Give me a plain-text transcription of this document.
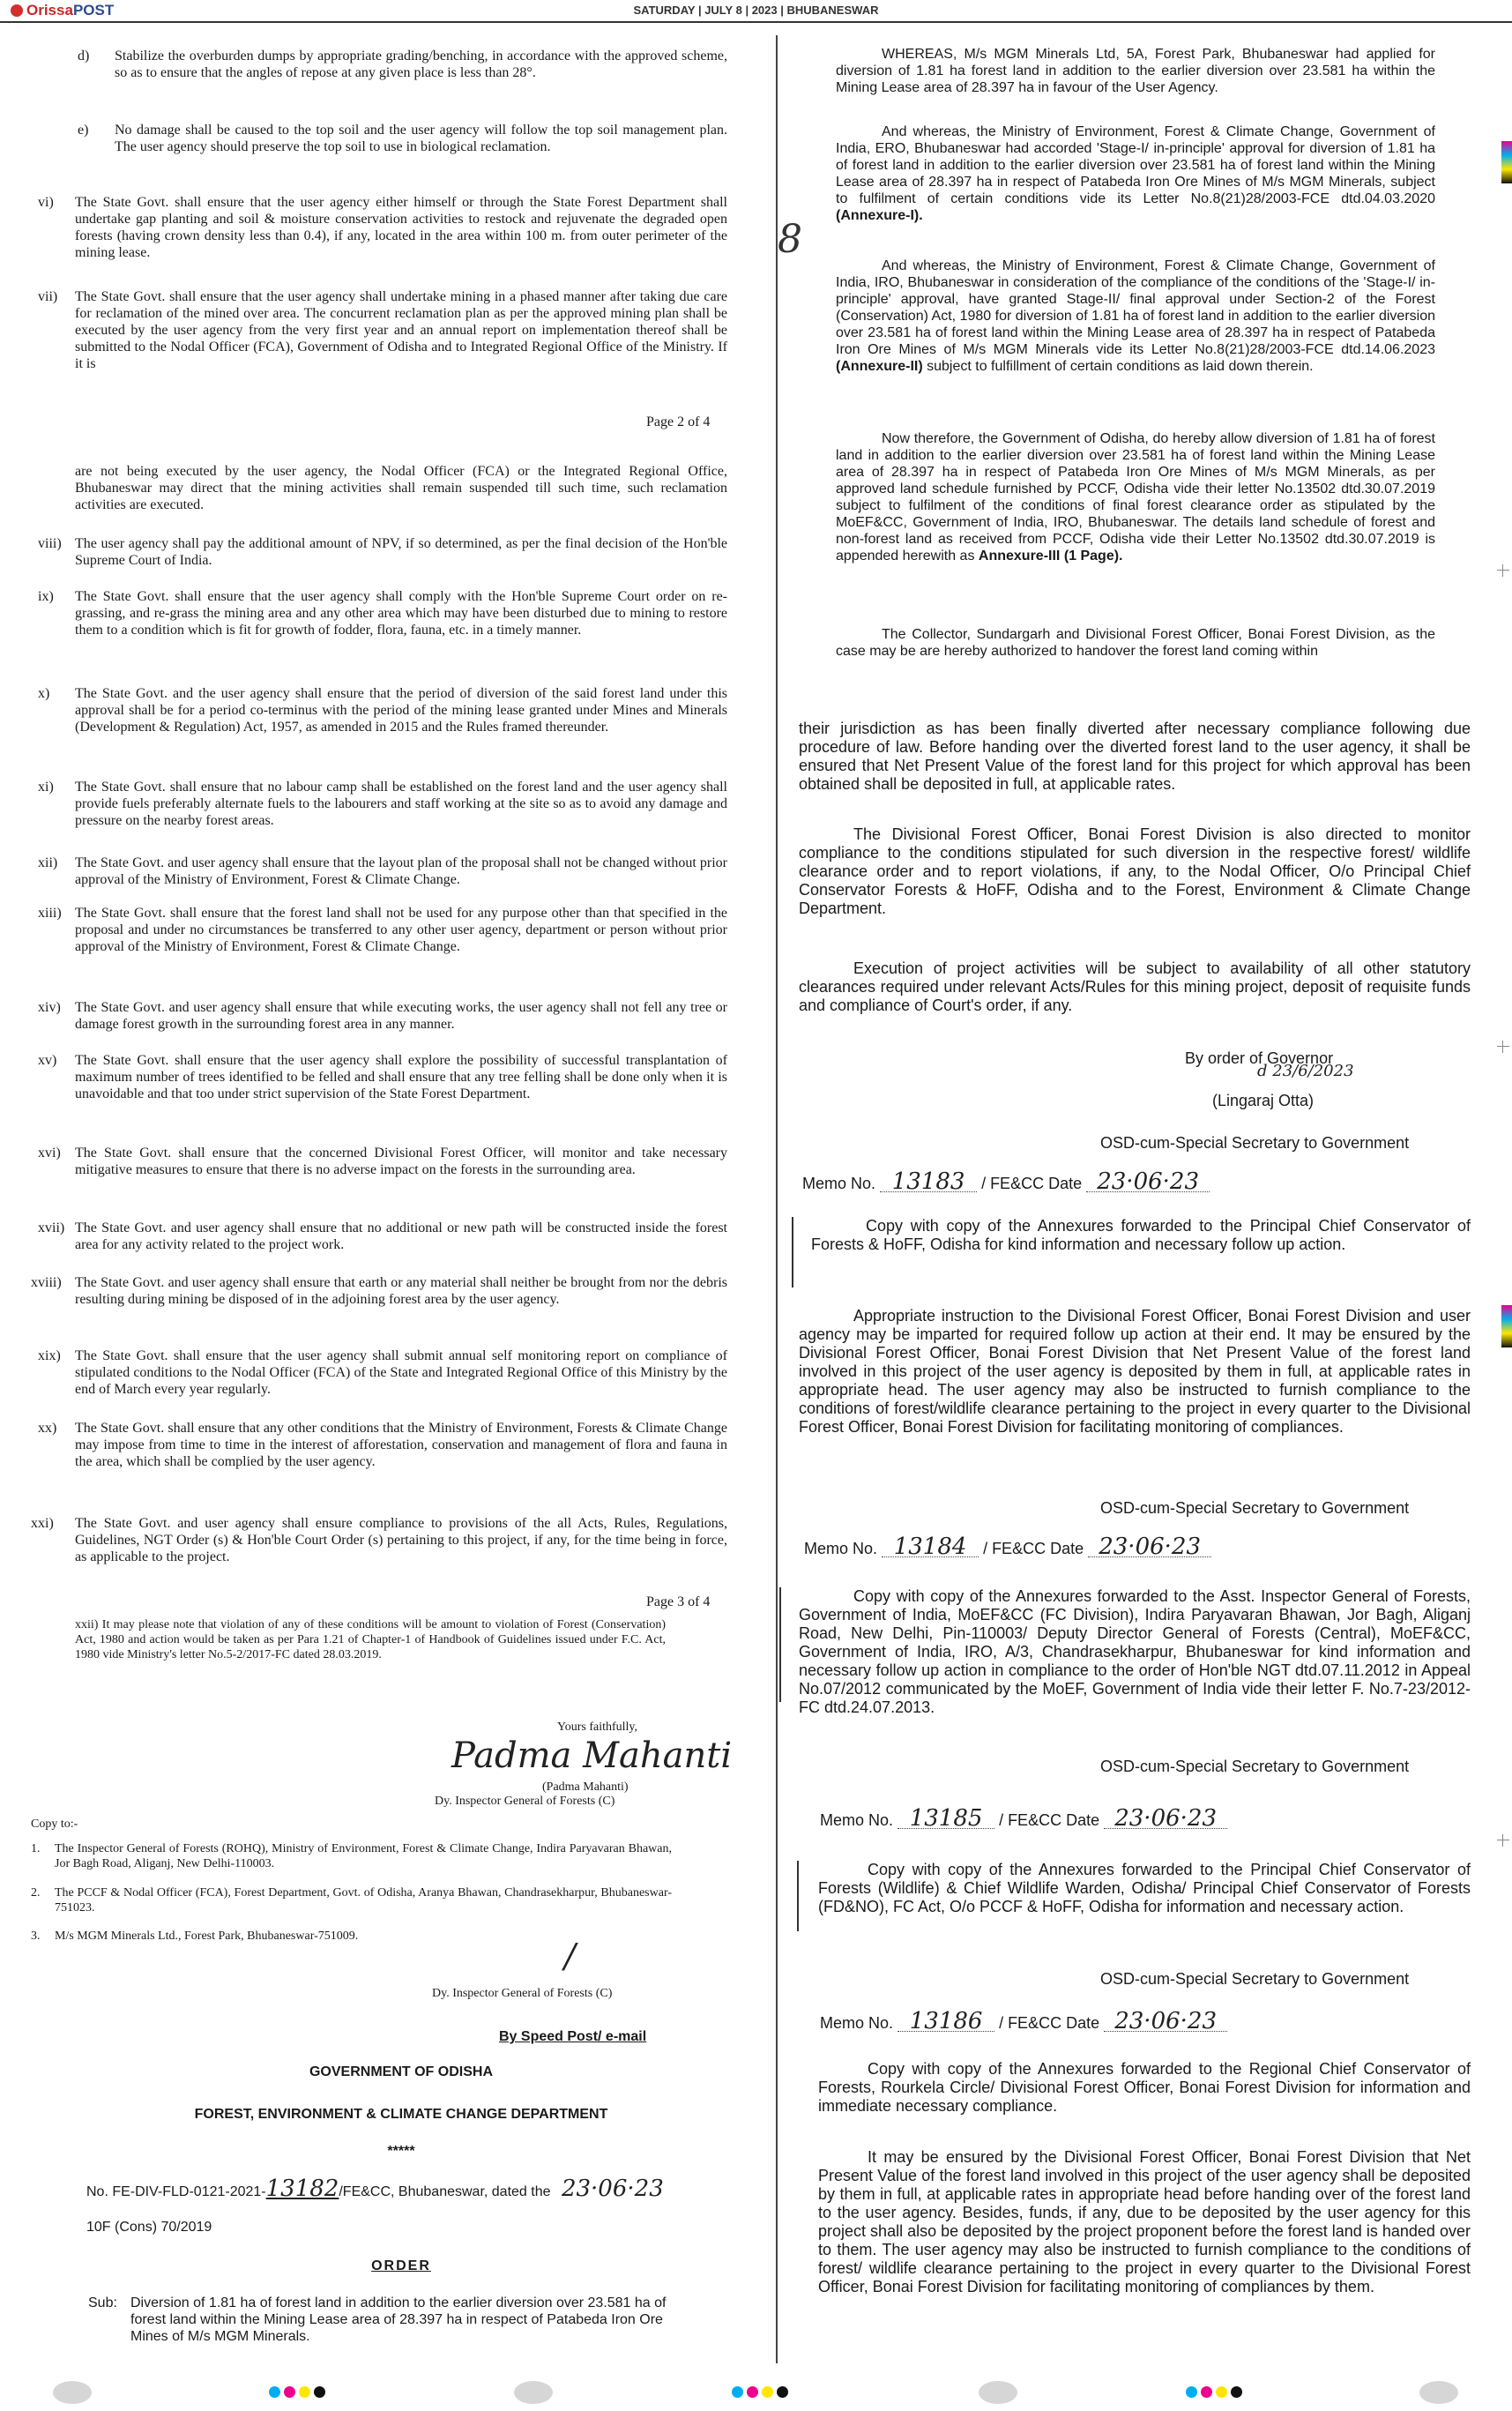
OrissaPOST	SATURDAY | JULY 8 | 2023 | BHUBANESWAR
d) Stabilize the overburden dumps by appropriate grading/benching, in accordance with the approved scheme, so as to ensure that the angles of repose at any given place is less than 28°.
e) No damage shall be caused to the top soil and the user agency will follow the top soil management plan. The user agency should preserve the top soil to use in biological reclamation.
vi) The State Govt. shall ensure that the user agency either himself or through the State Forest Department shall undertake gap planting and soil & moisture conservation activities to restock and rejuvenate the degraded open forests (having crown density less than 0.4), if any, located in the area within 100 m. from outer perimeter of the mining lease.
vii) The State Govt. shall ensure that the user agency shall undertake mining in a phased manner after taking due care for reclamation of the mined over area. The concurrent reclamation plan as per the approved mining plan shall be executed by the user agency from the very first year and an annual report on implementation thereof shall be submitted to the Nodal Officer (FCA), Government of Odisha and to Integrated Regional Office of the Ministry. If it is
Page 2 of 4
are not being executed by the user agency, the Nodal Officer (FCA) or the Integrated Regional Office, Bhubaneswar may direct that the mining activities shall remain suspended till such time, such reclamation activities are executed.
viii) The user agency shall pay the additional amount of NPV, if so determined, as per the final decision of the Hon'ble Supreme Court of India.
ix) The State Govt. shall ensure that the user agency shall comply with the Hon'ble Supreme Court order on re-grassing, and re-grass the mining area and any other area which may have been disturbed due to mining to restore them to a condition which is fit for growth of fodder, flora, fauna, etc. in a timely manner.
x) The State Govt. and the user agency shall ensure that the period of diversion of the said forest land under this approval shall be for a period co-terminus with the period of the mining lease granted under Mines and Minerals (Development & Regulation) Act, 1957, as amended in 2015 and the Rules framed thereunder.
xi) The State Govt. shall ensure that no labour camp shall be established on the forest land and the user agency shall provide fuels preferably alternate fuels to the labourers and staff working at the site so as to avoid any damage and pressure on the nearby forest areas.
xii) The State Govt. and user agency shall ensure that the layout plan of the proposal shall not be changed without prior approval of the Ministry of Environment, Forest & Climate Change.
xiii) The State Govt. shall ensure that the forest land shall not be used for any purpose other than that specified in the proposal and under no circumstances be transferred to any other user agency, department or person without prior approval of the Ministry of Environment, Forest & Climate Change.
xiv) The State Govt. and user agency shall ensure that while executing works, the user agency shall not fell any tree or damage forest growth in the surrounding forest area in any manner.
xv) The State Govt. shall ensure that the user agency shall explore the possibility of successful transplantation of maximum number of trees identified to be felled and shall ensure that any tree felling shall be done only when it is unavoidable and that too under strict supervision of the State Forest Department.
xvi) The State Govt. shall ensure that the concerned Divisional Forest Officer, will monitor and take necessary mitigative measures to ensure that there is no adverse impact on the forests in the surrounding area.
xvii) The State Govt. and user agency shall ensure that no additional or new path will be constructed inside the forest area for any activity related to the project work.
xviii) The State Govt. and user agency shall ensure that earth or any material shall neither be brought from nor the debris resulting during mining be disposed of in the adjoining forest area by the user agency.
xix) The State Govt. shall ensure that the user agency shall submit annual self monitoring report on compliance of stipulated conditions to the Nodal Officer (FCA) of the State and Integrated Regional Office of this Ministry by the end of March every year regularly.
xx) The State Govt. shall ensure that any other conditions that the Ministry of Environment, Forests & Climate Change may impose from time to time in the interest of afforestation, conservation and management of flora and fauna in the area, which shall be complied by the user agency.
xxi) The State Govt. and user agency shall ensure compliance to provisions of the all Acts, Rules, Regulations, Guidelines, NGT Order (s) & Hon'ble Court Order (s) pertaining to this project, if any, for the time being in force, as applicable to the project.
Page 3 of 4
xxii) It may please note that violation of any of these conditions will be amount to violation of Forest (Conservation) Act, 1980 and action would be taken as per Para 1.21 of Chapter-1 of Handbook of Guidelines issued under F.C. Act, 1980 vide Ministry's letter No.5-2/2017-FC dated 28.03.2019.
Yours faithfully,
Padma Mahanti
(Padma Mahanti)
Dy. Inspector General of Forests (C)
Copy to:-
1. The Inspector General of Forests (ROHQ), Ministry of Environment, Forest & Climate Change, Indira Paryavaran Bhawan, Jor Bagh Road, Aliganj, New Delhi-110003.
2. The PCCF & Nodal Officer (FCA), Forest Department, Govt. of Odisha, Aranya Bhawan, Chandrasekharpur, Bhubaneswar-751023.
3. M/s MGM Minerals Ltd., Forest Park, Bhubaneswar-751009.
/
Dy. Inspector General of Forests (C)
By Speed Post/ e-mail
GOVERNMENT OF ODISHA
FOREST, ENVIRONMENT & CLIMATE CHANGE DEPARTMENT
*****
No. FE-DIV-FLD-0121-2021-13182/FE&CC, Bhubaneswar, dated the 23·06·23
10F (Cons) 70/2019
ORDER
Sub: Diversion of 1.81 ha of forest land in addition to the earlier diversion over 23.581 ha of forest land within the Mining Lease area of 28.397 ha in respect of Patabeda Iron Ore Mines of M/s MGM Minerals.
WHEREAS, M/s MGM Minerals Ltd, 5A, Forest Park, Bhubaneswar had applied for diversion of 1.81 ha forest land in addition to the earlier diversion over 23.581 ha within the Mining Lease area of 28.397 ha in favour of the User Agency.
And whereas, the Ministry of Environment, Forest & Climate Change, Government of India, ERO, Bhubaneswar had accorded 'Stage-I/ in-principle' approval for diversion of 1.81 ha of forest land in addition to the earlier diversion over 23.581 ha of forest land within the Mining Lease area of 28.397 ha in respect of Patabeda Iron Ore Mines of M/s MGM Minerals, subject to fulfilment of certain conditions vide its Letter No.8(21)28/2003-FCE dtd.04.03.2020 (Annexure-I).
8
And whereas, the Ministry of Environment, Forest & Climate Change, Government of India, IRO, Bhubaneswar in consideration of the compliance of the conditions of the 'Stage-I/ in-principle' approval, have granted Stage-II/ final approval under Section-2 of the Forest (Conservation) Act, 1980 for diversion of 1.81 ha of forest land in addition to the earlier diversion over 23.581 ha of forest land within the Mining Lease area of 28.397 ha in respect of Patabeda Iron Ore Mines of M/s MGM Minerals vide its Letter No.8(21)28/2003-FCE dtd.14.06.2023 (Annexure-II) subject to fulfillment of certain conditions as laid down therein.
Now therefore, the Government of Odisha, do hereby allow diversion of 1.81 ha of forest land in addition to the earlier diversion over 23.581 ha of forest land within the Mining Lease area of 28.397 ha in respect of Patabeda Iron Ore Mines of M/s MGM Minerals, as per approved land schedule furnished by PCCF, Odisha vide their letter No.13502 dtd.30.07.2019 subject to fulfilment of the conditions of final forest clearance order as stipulated by the MoEF&CC, Government of India, IRO, Bhubaneswar. The details land schedule of forest and non-forest land as received from PCCF, Odisha vide their Letter No.13502 dtd.30.07.2019 is appended herewith as Annexure-III (1 Page).
The Collector, Sundargarh and Divisional Forest Officer, Bonai Forest Division, as the case may be are hereby authorized to handover the forest land coming within
their jurisdiction as has been finally diverted after necessary compliance following due procedure of law. Before handing over the diverted forest land to the user agency, it shall be ensured that Net Present Value of the forest land for this project for which approval has been obtained shall be deposited in full, at applicable rates.
The Divisional Forest Officer, Bonai Forest Division is also directed to monitor compliance to the conditions stipulated for such diversion in the respective forest/ wildlife clearance order and to report violations, if any, to the Nodal Officer, O/o Principal Chief Conservator Forests & HoFF, Odisha and to the Forest, Environment & Climate Change Department.
Execution of project activities will be subject to availability of all other statutory clearances required under relevant Acts/Rules for this mining project, deposit of requisite funds and compliance of Court's order, if any.
By order of Governor
d 23/6/2023
(Lingaraj Otta)
OSD-cum-Special Secretary to Government
Memo No. 13183 / FE&CC Date 23·06·23
Copy with copy of the Annexures forwarded to the Principal Chief Conservator of Forests & HoFF, Odisha for kind information and necessary follow up action.
Appropriate instruction to the Divisional Forest Officer, Bonai Forest Division and user agency may be imparted for required follow up action at their end. It may be ensured by the Divisional Forest Officer, Bonai Forest Division that Net Present Value of the forest land involved in this project of the user agency is deposited by them in full, at applicable rates in appropriate head. The user agency may also be instructed to furnish compliance to the conditions of forest/wildlife clearance pertaining to the project in every quarter to the Divisional Forest Officer, Bonai Forest Division for facilitating monitoring of compliances.
OSD-cum-Special Secretary to Government
Memo No. 13184 / FE&CC Date 23·06·23
Copy with copy of the Annexures forwarded to the Asst. Inspector General of Forests, Government of India, MoEF&CC (FC Division), Indira Paryavaran Bhawan, Jor Bagh, Aliganj Road, New Delhi, Pin-110003/ Deputy Director General of Forests (Central), MoEF&CC, Government of India, IRO, A/3, Chandrasekharpur, Bhubaneswar for kind information and necessary follow up action in compliance to the order of Hon'ble NGT dtd.07.11.2012 in Appeal No.07/2012 communicated by the MoEF, Government of India vide their letter F. No.7-23/2012- FC dtd.24.07.2013.
OSD-cum-Special Secretary to Government
Memo No. 13185 / FE&CC Date 23·06·23
Copy with copy of the Annexures forwarded to the Principal Chief Conservator of Forests (Wildlife) & Chief Wildlife Warden, Odisha/ Principal Chief Conservator of Forests (FD&NO), FC Act, O/o PCCF & HoFF, Odisha for information and necessary action.
OSD-cum-Special Secretary to Government
Memo No. 13186 / FE&CC Date 23·06·23
Copy with copy of the Annexures forwarded to the Regional Chief Conservator of Forests, Rourkela Circle/ Divisional Forest Officer, Bonai Forest Division for information and immediate necessary compliance.
It may be ensured by the Divisional Forest Officer, Bonai Forest Division that Net Present Value of the forest land involved in this project of the user agency shall be deposited by them in full, at applicable rates in appropriate head before handing over of the forest land to the user agency. Besides, funds, if any, due to be deposited by the user agency for this project shall also be deposited by the project proponent before the forest land is handed over to them. The user agency may also be instructed to furnish compliance to the conditions of forest/ wildlife clearance pertaining to the project in every quarter to the Divisional Forest Officer, Bonai Forest Division for facilitating monitoring of compliances by them.
